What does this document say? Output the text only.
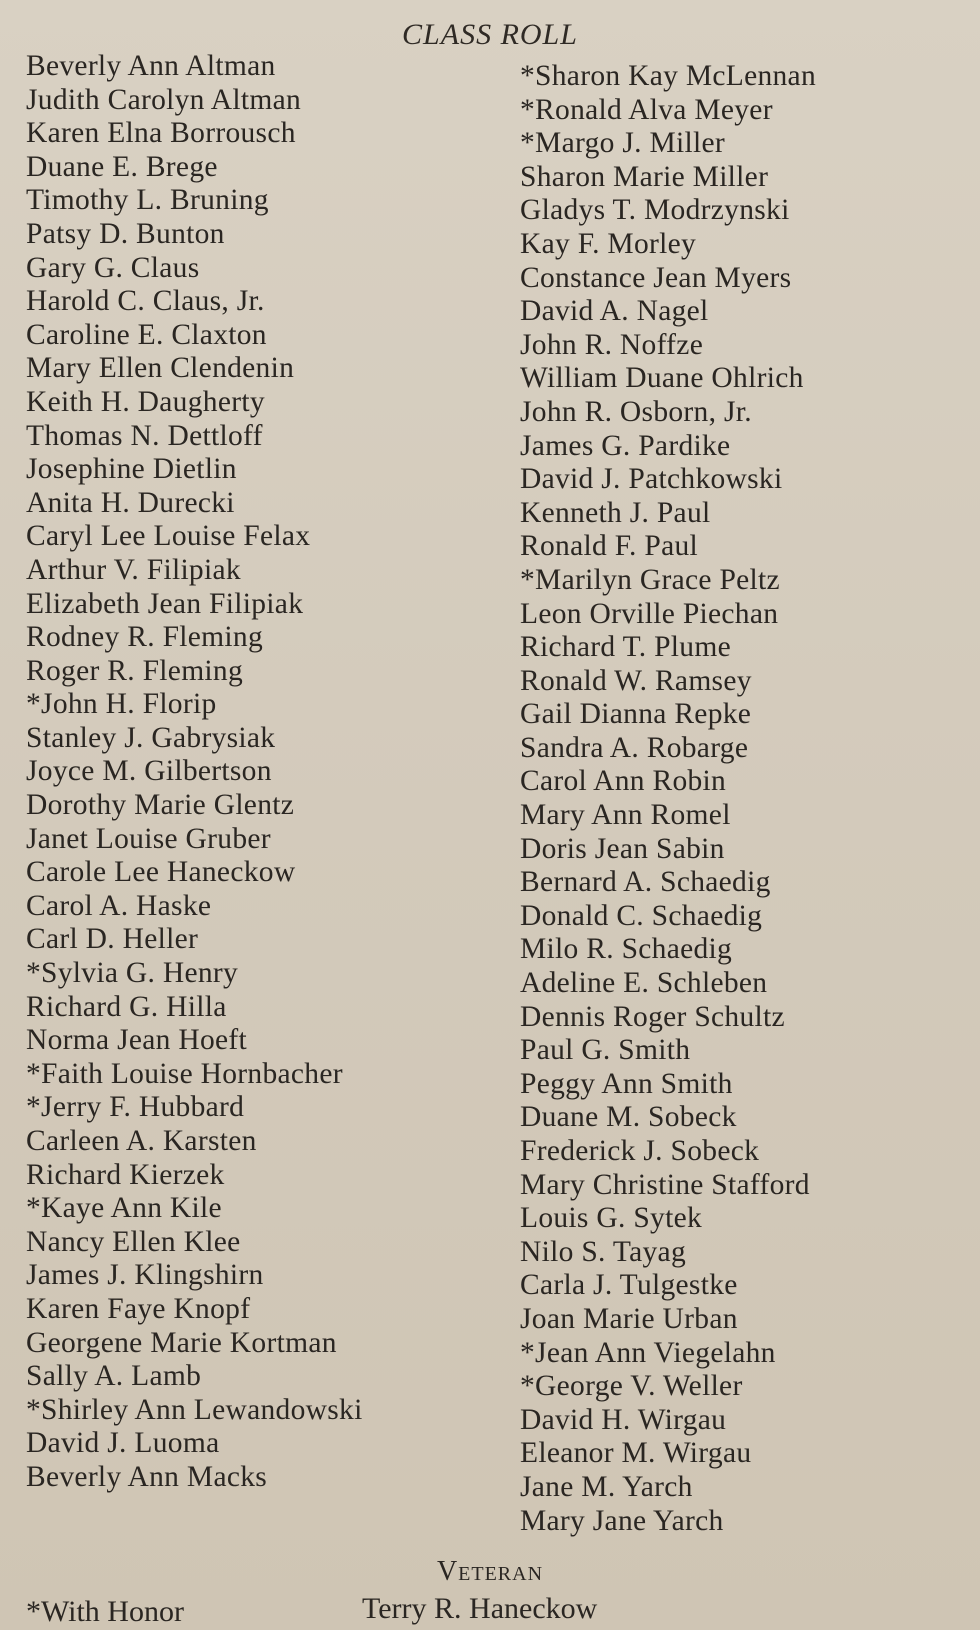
CLASS ROLL
Beverly Ann Altman
Judith Carolyn Altman
Karen Elna Borrousch
Duane E. Brege
Timothy L. Bruning
Patsy D. Bunton
Gary G. Claus
Harold C. Claus, Jr.
Caroline E. Claxton
Mary Ellen Clendenin
Keith H. Daugherty
Thomas N. Dettloff
Josephine Dietlin
Anita H. Durecki
Caryl Lee Louise Felax
Arthur V. Filipiak
Elizabeth Jean Filipiak
Rodney R. Fleming
Roger R. Fleming
*John H. Florip
Stanley J. Gabrysiak
Joyce M. Gilbertson
Dorothy Marie Glentz
Janet Louise Gruber
Carole Lee Haneckow
Carol A. Haske
Carl D. Heller
*Sylvia G. Henry
Richard G. Hilla
Norma Jean Hoeft
*Faith Louise Hornbacher
*Jerry F. Hubbard
Carleen A. Karsten
Richard Kierzek
*Kaye Ann Kile
Nancy Ellen Klee
James J. Klingshirn
Karen Faye Knopf
Georgene Marie Kortman
Sally A. Lamb
*Shirley Ann Lewandowski
David J. Luoma
Beverly Ann Macks
*Sharon Kay McLennan
*Ronald Alva Meyer
*Margo J. Miller
Sharon Marie Miller
Gladys T. Modrzynski
Kay F. Morley
Constance Jean Myers
David A. Nagel
John R. Noffze
William Duane Ohlrich
John R. Osborn, Jr.
James G. Pardike
David J. Patchkowski
Kenneth J. Paul
Ronald F. Paul
*Marilyn Grace Peltz
Leon Orville Piechan
Richard T. Plume
Ronald W. Ramsey
Gail Dianna Repke
Sandra A. Robarge
Carol Ann Robin
Mary Ann Romel
Doris Jean Sabin
Bernard A. Schaedig
Donald C. Schaedig
Milo R. Schaedig
Adeline E. Schleben
Dennis Roger Schultz
Paul G. Smith
Peggy Ann Smith
Duane M. Sobeck
Frederick J. Sobeck
Mary Christine Stafford
Louis G. Sytek
Nilo S. Tayag
Carla J. Tulgestke
Joan Marie Urban
*Jean Ann Viegelahn
*George V. Weller
David H. Wirgau
Eleanor M. Wirgau
Jane M. Yarch
Mary Jane Yarch
Veteran
Terry R. Haneckow
*With Honor
